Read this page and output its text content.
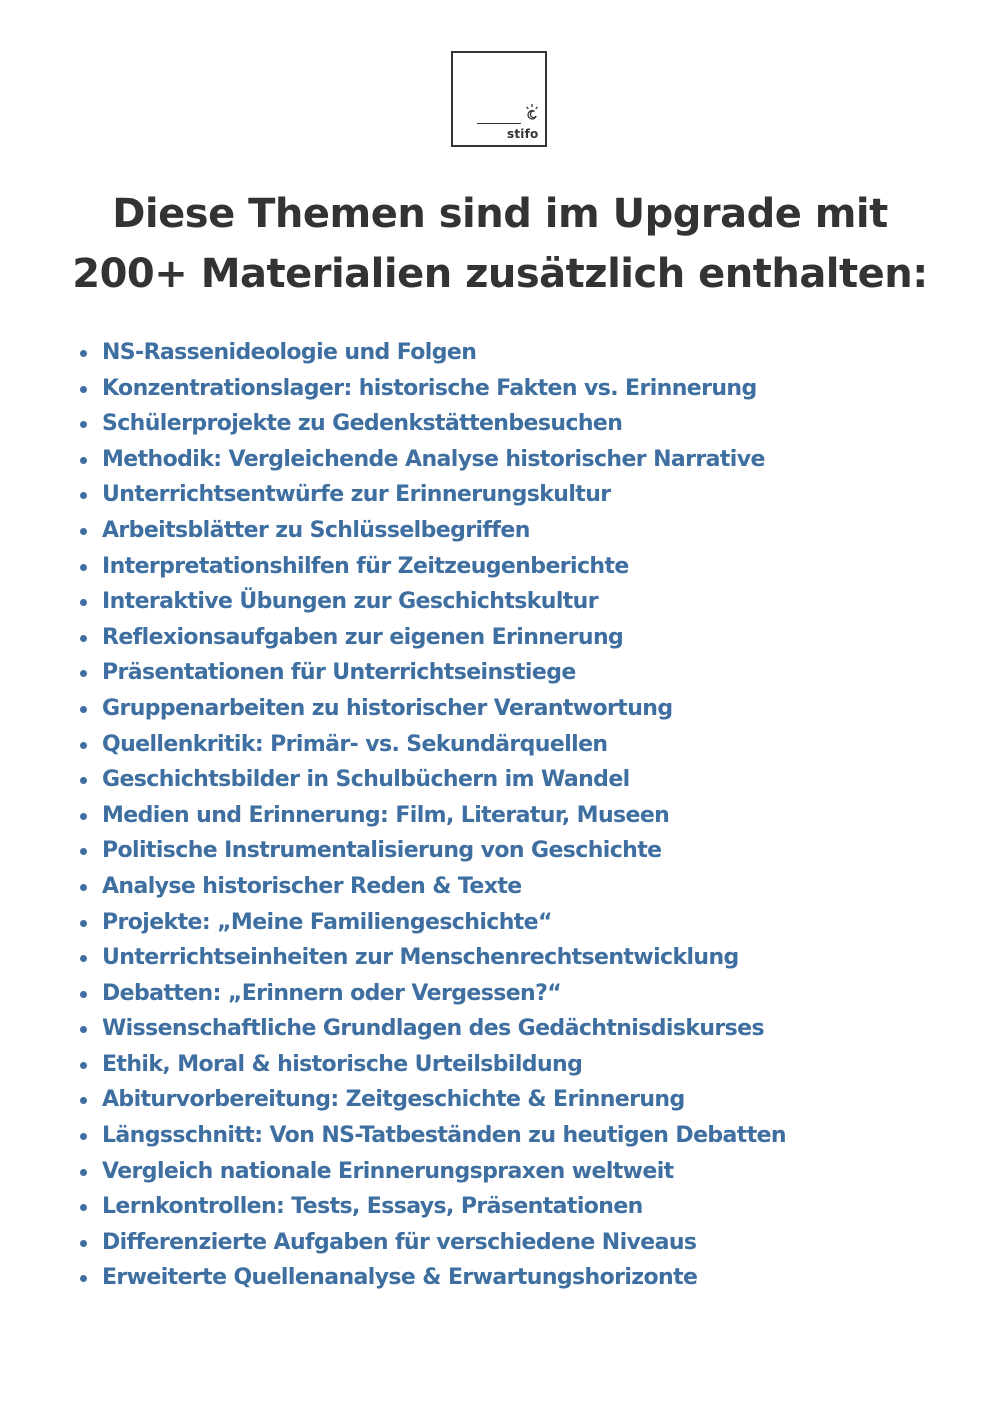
stifo
Diese Themen sind im Upgrade mit
200+ Materialien zusätzlich enthalten:
NS-Rassenideologie und Folgen
Konzentrationslager: historische Fakten vs. Erinnerung
Schülerprojekte zu Gedenkstättenbesuchen
Methodik: Vergleichende Analyse historischer Narrative
Unterrichtsentwürfe zur Erinnerungskultur
Arbeitsblätter zu Schlüsselbegriffen
Interpretationshilfen für Zeitzeugenberichte
Interaktive Übungen zur Geschichtskultur
Reflexionsaufgaben zur eigenen Erinnerung
Präsentationen für Unterrichtseinstiege
Gruppenarbeiten zu historischer Verantwortung
Quellenkritik: Primär- vs. Sekundärquellen
Geschichtsbilder in Schulbüchern im Wandel
Medien und Erinnerung: Film, Literatur, Museen
Politische Instrumentalisierung von Geschichte
Analyse historischer Reden & Texte
Projekte: „Meine Familiengeschichte“
Unterrichtseinheiten zur Menschenrechtsentwicklung
Debatten: „Erinnern oder Vergessen?“
Wissenschaftliche Grundlagen des Gedächtnisdiskurses
Ethik, Moral & historische Urteilsbildung
Abiturvorbereitung: Zeitgeschichte & Erinnerung
Längsschnitt: Von NS-Tatbeständen zu heutigen Debatten
Vergleich nationale Erinnerungspraxen weltweit
Lernkontrollen: Tests, Essays, Präsentationen
Differenzierte Aufgaben für verschiedene Niveaus
Erweiterte Quellenanalyse & Erwartungshorizonte
